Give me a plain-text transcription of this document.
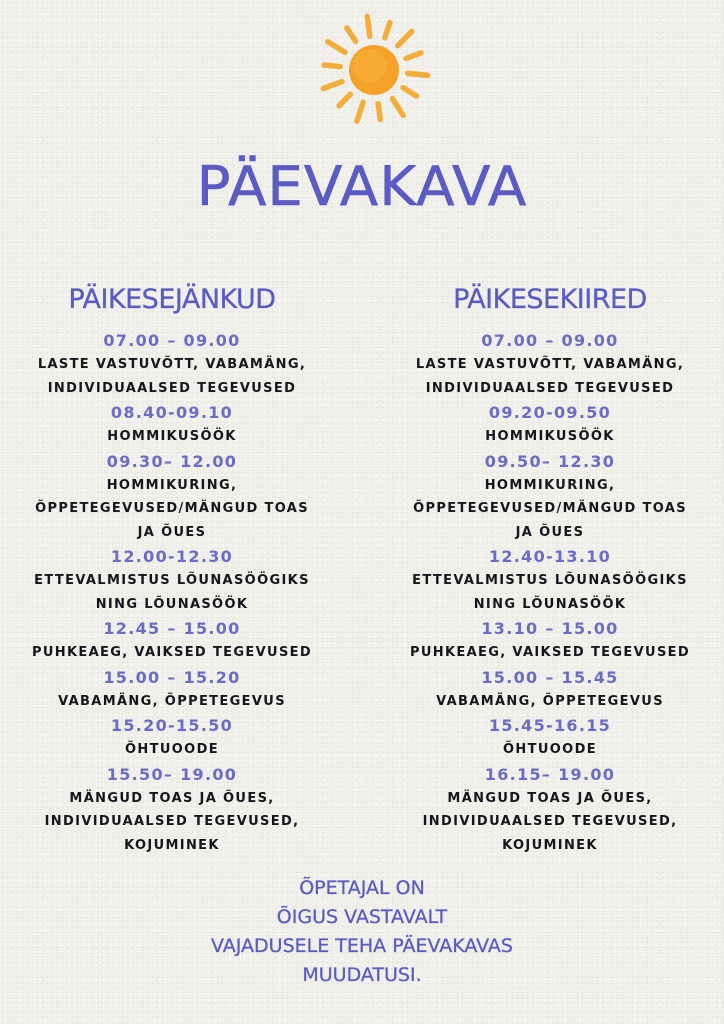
PÄEVAKAVA
PÄIKESEJÄNKUD
07.00 – 09.00
LASTE VASTUVÕTT, VABAMÄNG,
INDIVIDUAALSED TEGEVUSED
08.40-09.10
HOMMIKUSÖÖK
09.30– 12.00
HOMMIKURING,
ÕPPETEGEVUSED/MÄNGUD TOAS
JA ÕUES
12.00-12.30
ETTEVALMISTUS LÕUNASÖÖGIKS
NING LÕUNASÖÖK
12.45 – 15.00
PUHKEAEG, VAIKSED TEGEVUSED
15.00 – 15.20
VABAMÄNG, ÕPPETEGEVUS
15.20-15.50
ÕHTUOODE
15.50– 19.00
MÄNGUD TOAS JA ÕUES,
INDIVIDUAALSED TEGEVUSED,
KOJUMINEK
PÄIKESEKIIRED
07.00 – 09.00
LASTE VASTUVÕTT, VABAMÄNG,
INDIVIDUAALSED TEGEVUSED
09.20-09.50
HOMMIKUSÖÖK
09.50– 12.30
HOMMIKURING,
ÕPPETEGEVUSED/MÄNGUD TOAS
JA ÕUES
12.40-13.10
ETTEVALMISTUS LÕUNASÖÖGIKS
NING LÕUNASÖÖK
13.10 – 15.00
PUHKEAEG, VAIKSED TEGEVUSED
15.00 – 15.45
VABAMÄNG, ÕPPETEGEVUS
15.45-16.15
ÕHTUOODE
16.15– 19.00
MÄNGUD TOAS JA ÕUES,
INDIVIDUAALSED TEGEVUSED,
KOJUMINEK
ÕPETAJAL ON
ÕIGUS VASTAVALT
VAJADUSELE TEHA PÄEVAKAVAS
MUUDATUSI.
